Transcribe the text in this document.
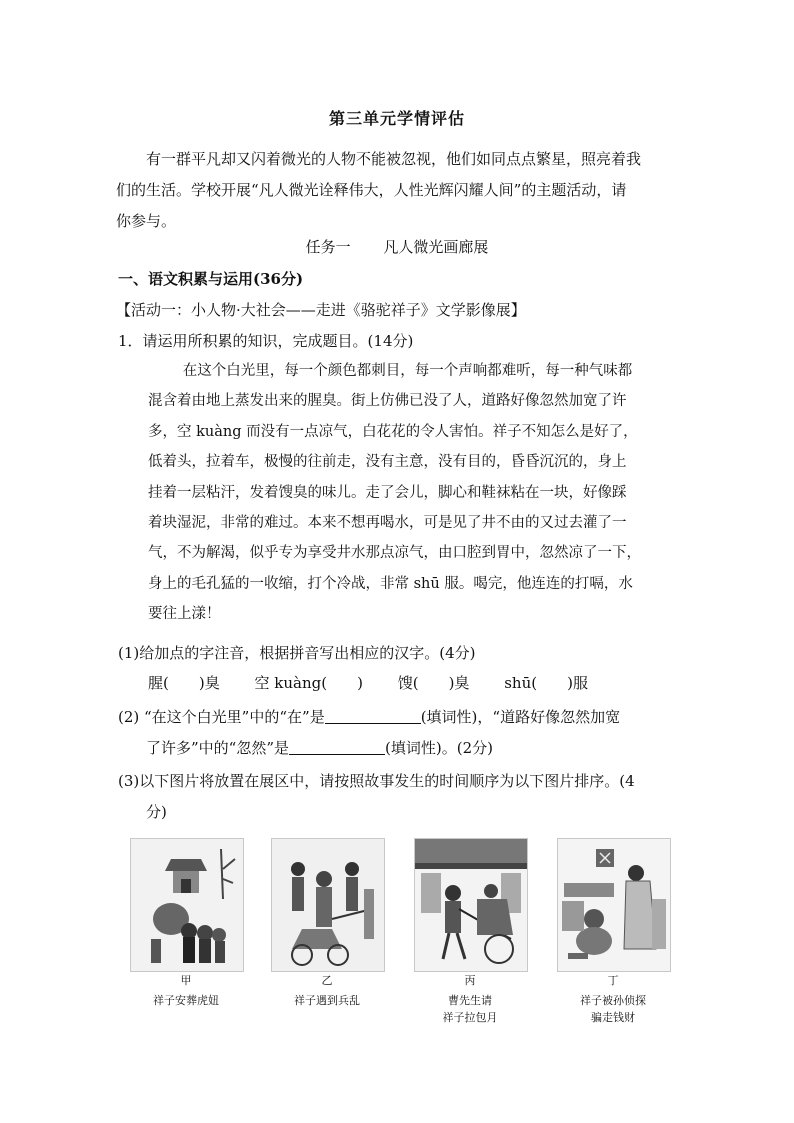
第三单元学情评估

有一群平凡却又闪着微光的人物不能被忽视，他们如同点点繁星，照亮着我

们的生活。学校开展“凡人微光诠释伟大，人性光辉闪耀人间”的主题活动，请

你参与。

任务一 凡人微光画廊展
一、语文积累与运用(36分)
【活动一：小人物·大社会——走进《骆驼祥子》文学影像展】
1．请运用所积累的知识，完成题目。(14分)

在这个白光里，每一个颜色都刺目，每一个声响都难听，每一种气味都

混含着由地上蒸发出来的腥臭。街上仿佛已没了人，道路好像忽然加宽了许

多，空 kuàng 而没有一点凉气，白花花的令人害怕。祥子不知怎么是好了，

低着头，拉着车，极慢的往前走，没有主意，没有目的，昏昏沉沉的，身上

挂着一层粘汗，发着馊臭的味儿。走了会儿，脚心和鞋袜粘在一块，好像踩

着块湿泥，非常的难过。本来不想再喝水，可是见了井不由的又过去灌了一

气，不为解渴，似乎专为享受井水那点凉气，由口腔到胃中，忽然凉了一下，

身上的毛孔猛的一收缩，打个冷战，非常 shū 服。喝完，他连连的打嗝，水

要往上漾！

(1)给加点的字注音，根据拼音写出相应的汉字。(4分)
腥(　　)臭 空 kuàng(　　) 馊(　　)臭 shū(　　)服
(2) “在这个白光里”中的“在”是	(填词性)，“道路好像忽然加宽
了许多”中的“忽然”是	(填词性)。(2分)
(3)以下图片将放置在展区中，请按照故事发生的时间顺序为以下图片排序。(4
分)
甲
祥子安葬虎妞
乙
祥子遇到兵乱
丙
曹先生请
祥子拉包月
丁
祥子被孙侦探
骗走钱财
